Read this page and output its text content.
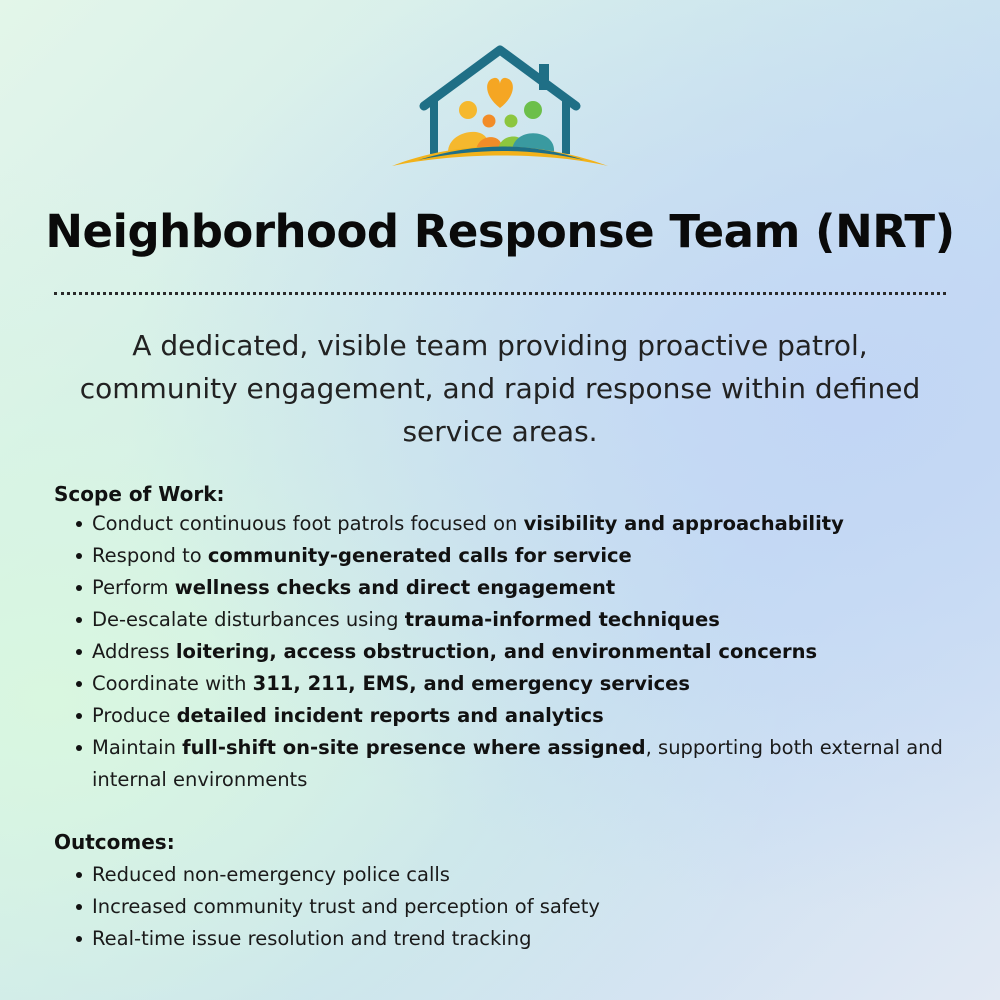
Neighborhood Response Team (NRT)
A dedicated, visible team providing proactive patrol, community engagement, and rapid response within defined service areas.
Scope of Work:
Conduct continuous foot patrols focused on visibility and approachability
Respond to community-generated calls for service
Perform wellness checks and direct engagement
De-escalate disturbances using trauma-informed techniques
Address loitering, access obstruction, and environmental concerns
Coordinate with 311, 211, EMS, and emergency services
Produce detailed incident reports and analytics
Maintain full-shift on-site presence where assigned, supporting both external and internal environments
Outcomes:
Reduced non-emergency police calls
Increased community trust and perception of safety
Real-time issue resolution and trend tracking
